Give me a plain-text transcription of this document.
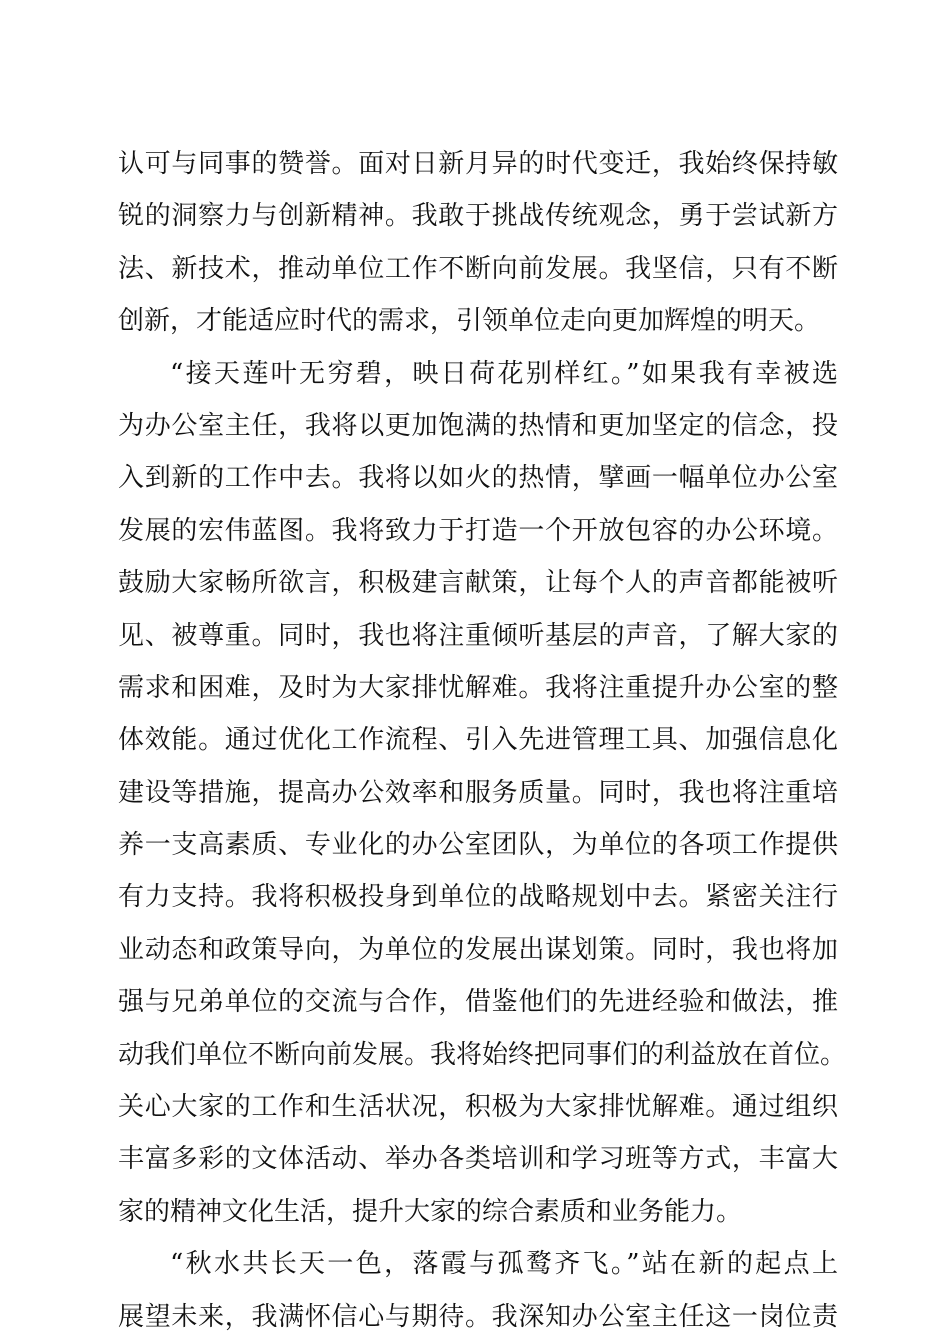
认可与同事的赞誉。面对日新月异的时代变迁，我始终保持敏
锐的洞察力与创新精神。我敢于挑战传统观念，勇于尝试新方
法、新技术，推动单位工作不断向前发展。我坚信，只有不断
创新，才能适应时代的需求，引领单位走向更加辉煌的明天。
“接天莲叶无穷碧，映日荷花别样红。”如果我有幸被选
为办公室主任，我将以更加饱满的热情和更加坚定的信念，投
入到新的工作中去。我将以如火的热情，擘画一幅单位办公室
发展的宏伟蓝图。我将致力于打造一个开放包容的办公环境。
鼓励大家畅所欲言，积极建言献策，让每个人的声音都能被听
见、被尊重。同时，我也将注重倾听基层的声音，了解大家的
需求和困难，及时为大家排忧解难。我将注重提升办公室的整
体效能。通过优化工作流程、引入先进管理工具、加强信息化
建设等措施，提高办公效率和服务质量。同时，我也将注重培
养一支高素质、专业化的办公室团队，为单位的各项工作提供
有力支持。我将积极投身到单位的战略规划中去。紧密关注行
业动态和政策导向，为单位的发展出谋划策。同时，我也将加
强与兄弟单位的交流与合作，借鉴他们的先进经验和做法，推
动我们单位不断向前发展。我将始终把同事们的利益放在首位。
关心大家的工作和生活状况，积极为大家排忧解难。通过组织
丰富多彩的文体活动、举办各类培训和学习班等方式，丰富大
家的精神文化生活，提升大家的综合素质和业务能力。
“秋水共长天一色，落霞与孤鹜齐飞。”站在新的起点上
展望未来，我满怀信心与期待。我深知办公室主任这一岗位责
